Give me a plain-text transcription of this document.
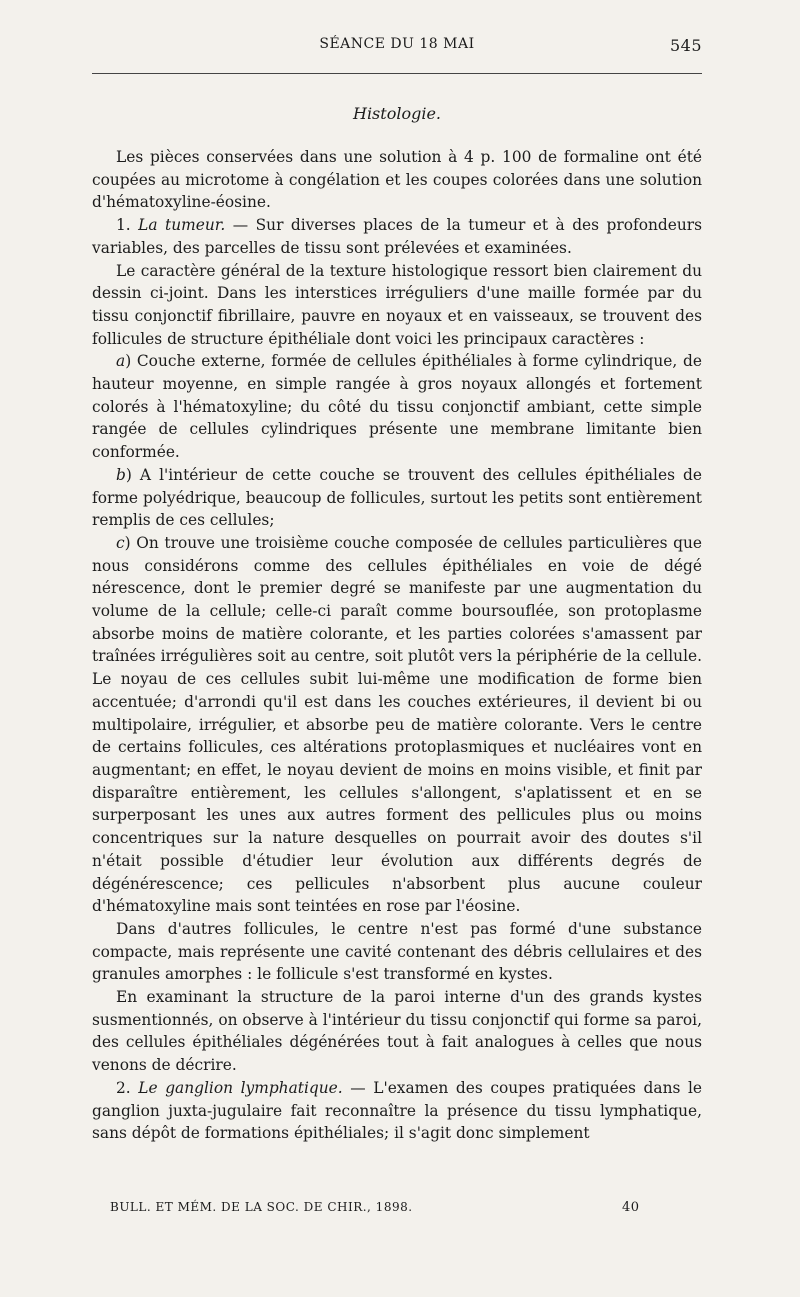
SÉANCE DU 18 MAI	545
Histologie.

Les pièces conservées dans une solution à 4 p. 100 de formaline ont été coupées au microtome à congélation et les coupes colorées dans une solution d'hématoxyline-éosine.

1. La tumeur. — Sur diverses places de la tumeur et à des profondeurs variables, des parcelles de tissu sont prélevées et examinées.

Le caractère général de la texture histologique ressort bien clairement du dessin ci-joint. Dans les interstices irréguliers d'une maille formée par du tissu conjonctif fibrillaire, pauvre en noyaux et en vaisseaux, se trouvent des follicules de structure épithéliale dont voici les principaux caractères :

a) Couche externe, formée de cellules épithéliales à forme cylindrique, de hauteur moyenne, en simple rangée à gros noyaux allongés et fortement colorés à l'hématoxyline; du côté du tissu conjonctif ambiant, cette simple rangée de cellules cylindriques présente une membrane limitante bien conformée.

b) A l'intérieur de cette couche se trouvent des cellules épithéliales de forme polyédrique, beaucoup de follicules, surtout les petits sont entièrement remplis de ces cellules;

c) On trouve une troisième couche composée de cellules particulières que nous considérons comme des cellules épithéliales en voie de dégé nérescence, dont le premier degré se manifeste par une augmentation du volume de la cellule; celle-ci paraît comme boursouflée, son protoplasme absorbe moins de matière colorante, et les parties colorées s'amassent par traînées irrégulières soit au centre, soit plutôt vers la périphérie de la cellule. Le noyau de ces cellules subit lui-même une modification de forme bien accentuée; d'arrondi qu'il est dans les couches extérieures, il devient bi ou multipolaire, irrégulier, et absorbe peu de matière colorante. Vers le centre de certains follicules, ces altérations protoplasmiques et nucléaires vont en augmentant; en effet, le noyau devient de moins en moins visible, et finit par disparaître entièrement, les cellules s'allongent, s'aplatissent et en se surperposant les unes aux autres forment des pellicules plus ou moins concentriques sur la nature desquelles on pourrait avoir des doutes s'il n'était possible d'étudier leur évolution aux différents degrés de dégénérescence; ces pellicules n'absorbent plus aucune couleur d'hématoxyline mais sont teintées en rose par l'éosine.

Dans d'autres follicules, le centre n'est pas formé d'une substance compacte, mais représente une cavité contenant des débris cellulaires et des granules amorphes : le follicule s'est transformé en kystes.

En examinant la structure de la paroi interne d'un des grands kystes susmentionnés, on observe à l'intérieur du tissu conjonctif qui forme sa paroi, des cellules épithéliales dégénérées tout à fait analogues à celles que nous venons de décrire.

2. Le ganglion lymphatique. — L'examen des coupes pratiquées dans le ganglion juxta-jugulaire fait reconnaître la présence du tissu lymphatique, sans dépôt de formations épithéliales; il s'agit donc simplement

BULL. ET MÉM. DE LA SOC. DE CHIR., 1898.	40
